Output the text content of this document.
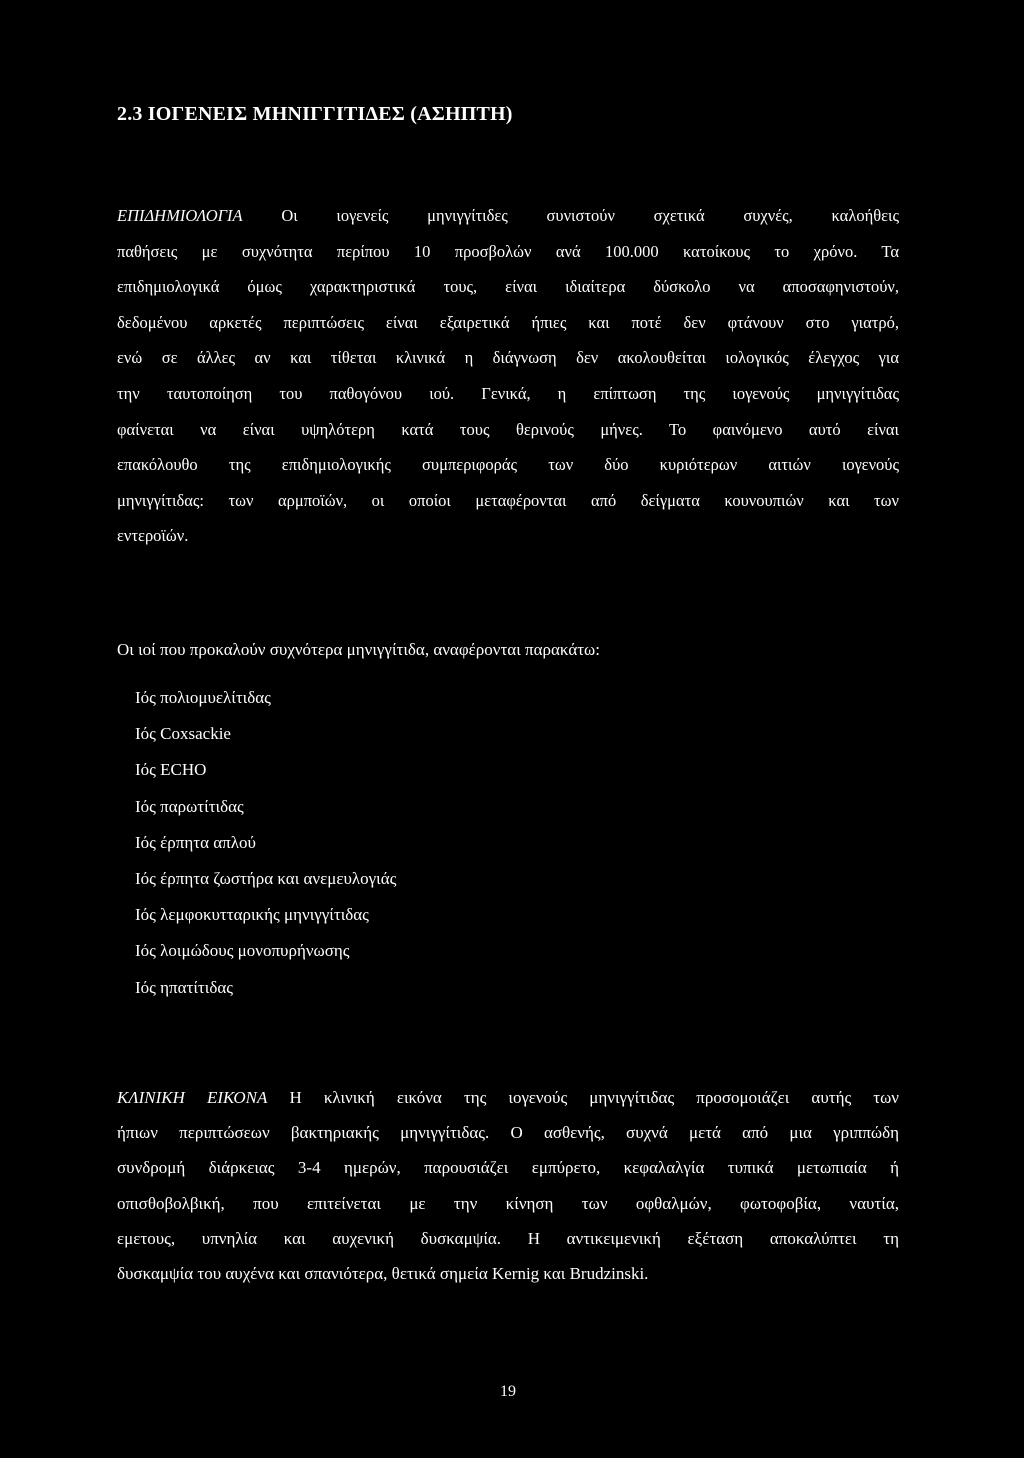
2.3 ΙΟΓΕΝΕΙΣ ΜΗΝΙΓΓΙΤΙΔΕΣ (ΑΣΗΠΤΗ)
ΕΠΙΔΗΜΙΟΛΟΓΙΑ Οι ιογενείς μηνιγγίτιδες συνιστούν σχετικά συχνές, καλοήθεις
παθήσεις με συχνότητα περίπου 10 προσβολών ανά 100.000 κατοίκους το χρόνο. Τα
επιδημιολογικά όμως χαρακτηριστικά τους, είναι ιδιαίτερα δύσκολο να αποσαφηνιστούν,
δεδομένου αρκετές περιπτώσεις είναι εξαιρετικά ήπιες και ποτέ δεν φτάνουν στο γιατρό,
ενώ σε άλλες αν και τίθεται κλινικά η διάγνωση δεν ακολουθείται ιολογικός έλεγχος για
την ταυτοποίηση του παθογόνου ιού. Γενικά, η επίπτωση της ιογενούς μηνιγγίτιδας
φαίνεται να είναι υψηλότερη κατά τους θερινούς μήνες. Το φαινόμενο αυτό είναι
επακόλουθο της επιδημιολογικής συμπεριφοράς των δύο κυριότερων αιτιών ιογενούς
μηνιγγίτιδας: των αρμποϊών, οι οποίοι μεταφέρονται από δείγματα κουνουπιών και των
εντεροϊών.

Οι ιοί που προκαλούν συχνότερα μηνιγγίτιδα, αναφέρονται παρακάτω:

Ιός πολιομυελίτιδας
Ιός Coxsackie
Ιός ECHO
Ιός παρωτίτιδας
Ιός έρπητα απλού
Ιός έρπητα ζωστήρα και ανεμευλογιάς
Ιός λεμφοκυτταρικής μηνιγγίτιδας
Ιός λοιμώδους μονοπυρήνωσης
Ιός ηπατίτιδας
ΚΛΙΝΙΚΗ ΕΙΚΟΝΑ Η κλινική εικόνα της ιογενούς μηνιγγίτιδας προσομοιάζει αυτής των
ήπιων περιπτώσεων βακτηριακής μηνιγγίτιδας. Ο ασθενής, συχνά μετά από μια γριππώδη
συνδρομή διάρκειας 3-4 ημερών, παρουσιάζει εμπύρετο, κεφαλαλγία τυπικά μετωπιαία ή
οπισθοβολβική, που επιτείνεται με την κίνηση των οφθαλμών, φωτοφοβία, ναυτία,
εμετους, υπνηλία και αυχενική δυσκαμψία. Η αντικειμενική εξέταση αποκαλύπτει τη
δυσκαμψία του αυχένα και σπανιότερα, θετικά σημεία Kernig και Brudzinski.

19
